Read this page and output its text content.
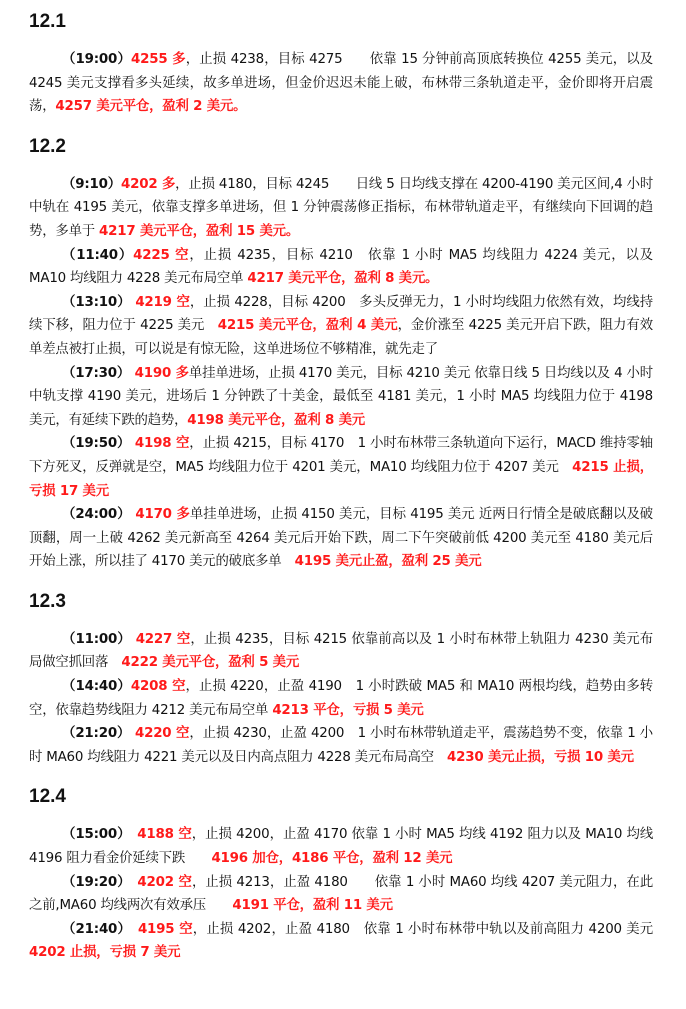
12.1
（19:00）4255 多，止损 4238，目标 4275　　依靠 15 分钟前高顶底转换位 4255 美元，以及 4245 美元支撑看多头延续，故多单进场，但金价迟迟未能上破，布林带三条轨道走平，金价即将开启震荡，4257 美元平仓，盈利 2 美元。
12.2
（9:10）4202 多，止损 4180，目标 4245　　日线 5 日均线支撑在 4200-4190 美元区间,4 小时中轨在 4195 美元，依靠支撑多单进场，但 1 分钟震荡修正指标，布林带轨道走平，有继续向下回调的趋势，多单于 4217 美元平仓，盈利 15 美元。
（11:40）4225 空，止损 4235，目标 4210　依靠 1 小时 MA5 均线阻力 4224 美元，以及 MA10 均线阻力 4228 美元布局空单 4217 美元平仓，盈利 8 美元。
（13:10） 4219 空，止损 4228，目标 4200　多头反弹无力，1 小时均线阻力依然有效，均线持续下移，阻力位于 4225 美元　4215 美元平仓，盈利 4 美元，金价涨至 4225 美元开启下跌，阻力有效单差点被打止损，可以说是有惊无险，这单进场位不够精准，就先走了
（17:30） 4190 多单挂单进场，止损 4170 美元，目标 4210 美元 依靠日线 5 日均线以及 4 小时中轨支撑 4190 美元，进场后 1 分钟跌了十美金，最低至 4181 美元，1 小时 MA5 均线阻力位于 4198 美元，有延续下跌的趋势，4198 美元平仓，盈利 8 美元
（19:50） 4198 空，止损 4215，目标 4170　1 小时布林带三条轨道向下运行，MACD 维持零轴下方死叉，反弹就是空，MA5 均线阻力位于 4201 美元，MA10 均线阻力位于 4207 美元　4215 止损，亏损 17 美元
（24:00） 4170 多单挂单进场，止损 4150 美元，目标 4195 美元 近两日行情全是破底翻以及破顶翻，周一上破 4262 美元新高至 4264 美元后开始下跌，周二下午突破前低 4200 美元至 4180 美元后开始上涨，所以挂了 4170 美元的破底多单　4195 美元止盈，盈利 25 美元
12.3
（11:00） 4227 空，止损 4235，目标 4215 依靠前高以及 1 小时布林带上轨阻力 4230 美元布局做空抓回落　4222 美元平仓，盈利 5 美元
（14:40）4208 空，止损 4220，止盈 4190　1 小时跌破 MA5 和 MA10 两根均线，趋势由多转空，依靠趋势线阻力 4212 美元布局空单 4213 平仓，亏损 5 美元
（21:20） 4220 空，止损 4230，止盈 4200　1 小时布林带轨道走平，震荡趋势不变，依靠 1 小时 MA60 均线阻力 4221 美元以及日内高点阻力 4228 美元布局高空　4230 美元止损，亏损 10 美元
12.4
（15:00）　4188 空，止损 4200，止盈 4170 依靠 1 小时 MA5 均线 4192 阻力以及 MA10 均线 4196 阻力看金价延续下跌　　4196 加仓，4186 平仓，盈利 12 美元
（19:20）　4202 空，止损 4213，止盈 4180　　依靠 1 小时 MA60 均线 4207 美元阻力，在此之前,MA60 均线两次有效承压　　4191 平仓，盈利 11 美元
（21:40）　4195 空，止损 4202，止盈 4180　依靠 1 小时布林带中轨以及前高阻力 4200 美元　4202 止损，亏损 7 美元
